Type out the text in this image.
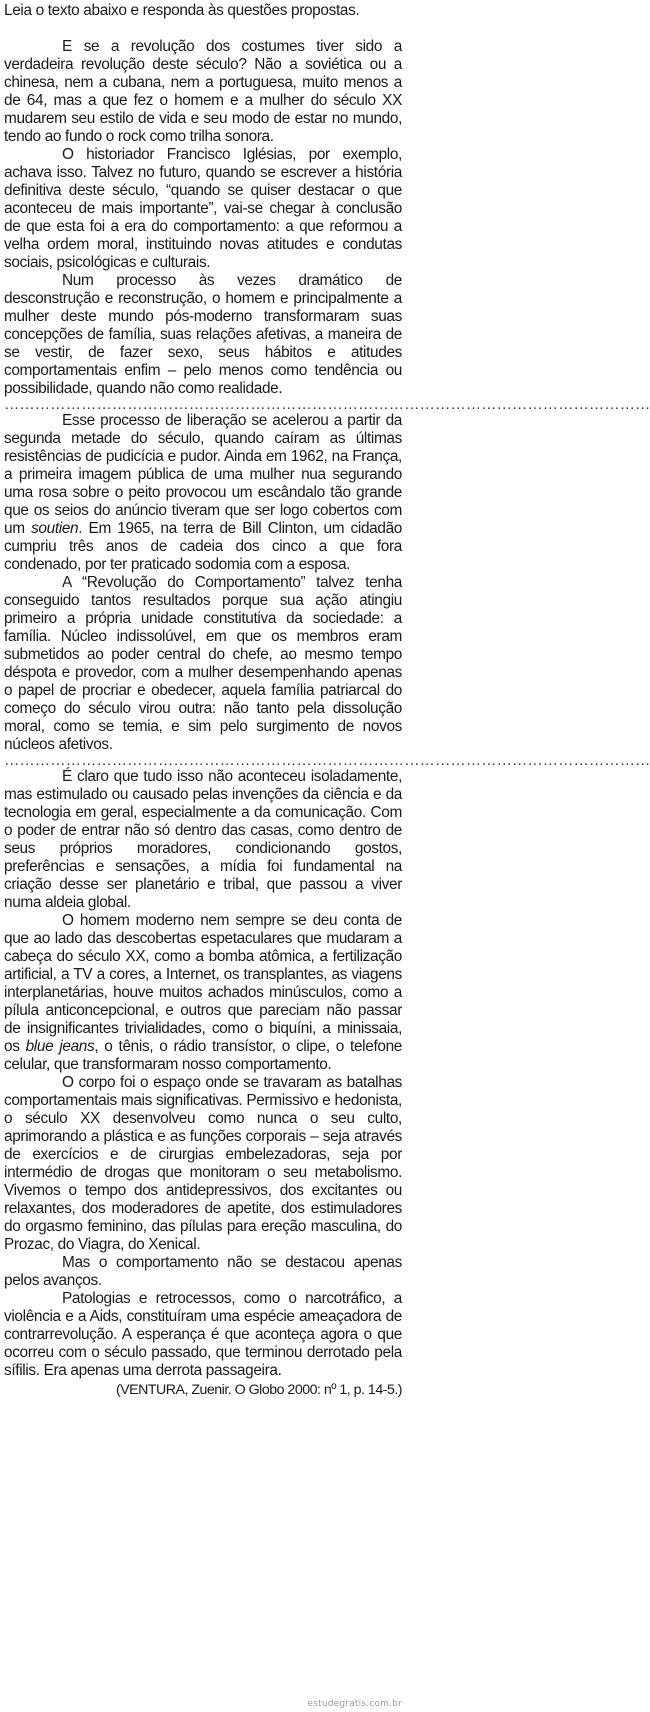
Leia o texto abaixo e responda às questões propostas.

E se a revolução dos costumes tiver sido a verdadeira revolução deste século? Não a soviética ou a chinesa, nem a cubana, nem a portuguesa, muito menos a de 64, mas a que fez o homem e a mulher do século XX mudarem seu estilo de vida e seu modo de estar no mundo, tendo ao fundo o rock como trilha sonora.

O historiador Francisco Iglésias, por exemplo, achava isso. Talvez no futuro, quando se escrever a história definitiva deste século, “quando se quiser destacar o que aconteceu de mais importante”, vai-se chegar à conclusão de que esta foi a era do comportamento: a que reformou a velha ordem moral, instituindo novas atitudes e condutas sociais, psicológicas e culturais.

Num processo às vezes dramático de desconstrução e reconstrução, o homem e principalmente a mulher deste mundo pós-moderno transformaram suas concepções de família, suas relações afetivas, a maneira de se vestir, de fazer sexo, seus hábitos e atitudes comportamentais enfim – pelo menos como tendência ou possibilidade, quando não como realidade.

………………………………………………………………………………………………………………

Esse processo de liberação se acelerou a partir da segunda metade do século, quando caíram as últimas resistências de pudicícia e pudor. Ainda em 1962, na França, a primeira imagem pública de uma mulher nua segurando uma rosa sobre o peito provocou um escândalo tão grande que os seios do anúncio tiveram que ser logo cobertos com um soutien. Em 1965, na terra de Bill Clinton, um cidadão cumpriu três anos de cadeia dos cinco a que fora condenado, por ter praticado sodomia com a esposa.

A “Revolução do Comportamento” talvez tenha conseguido tantos resultados porque sua ação atingiu primeiro a própria unidade constitutiva da sociedade: a família. Núcleo indissolúvel, em que os membros eram submetidos ao poder central do chefe, ao mesmo tempo déspota e provedor, com a mulher desempenhando apenas o papel de procriar e obedecer, aquela família patriarcal do começo do século virou outra: não tanto pela dissolução moral, como se temia, e sim pelo surgimento de novos núcleos afetivos.

………………………………………………………………………………………………………………

É claro que tudo isso não aconteceu isoladamente, mas estimulado ou causado pelas invenções da ciência e da tecnologia em geral, especialmente a da comunicação. Com o poder de entrar não só dentro das casas, como dentro de seus próprios moradores, condicionando gostos, preferências e sensações, a mídia foi fundamental na criação desse ser planetário e tribal, que passou a viver numa aldeia global.

O homem moderno nem sempre se deu conta de que ao lado das descobertas espetaculares que mudaram a cabeça do século XX, como a bomba atômica, a fertilização artificial, a TV a cores, a Internet, os transplantes, as viagens interplanetárias, houve muitos achados minúsculos, como a pílula anticoncepcional, e outros que pareciam não passar de insignificantes trivialidades, como o biquíni, a minissaia, os blue jeans, o tênis, o rádio transístor, o clipe, o telefone celular, que transformaram nosso comportamento.

O corpo foi o espaço onde se travaram as batalhas comportamentais mais significativas. Permissivo e hedonista, o século XX desenvolveu como nunca o seu culto, aprimorando a plástica e as funções corporais – seja através de exercícios e de cirurgias embelezadoras, seja por intermédio de drogas que monitoram o seu metabolismo. Vivemos o tempo dos antidepressivos, dos excitantes ou relaxantes, dos moderadores de apetite, dos estimuladores do orgasmo feminino, das pílulas para ereção masculina, do Prozac, do Viagra, do Xenical.

Mas o comportamento não se destacou apenas pelos avanços.

Patologias e retrocessos, como o narcotráfico, a violência e a Aids, constituíram uma espécie ameaçadora de contrarrevolução. A esperança é que aconteça agora o que ocorreu com o século passado, que terminou derrotado pela sífilis. Era apenas uma derrota passageira.

(VENTURA, Zuenir. O Globo 2000: nº 1, p. 14-5.)

estudegratis.com.br
